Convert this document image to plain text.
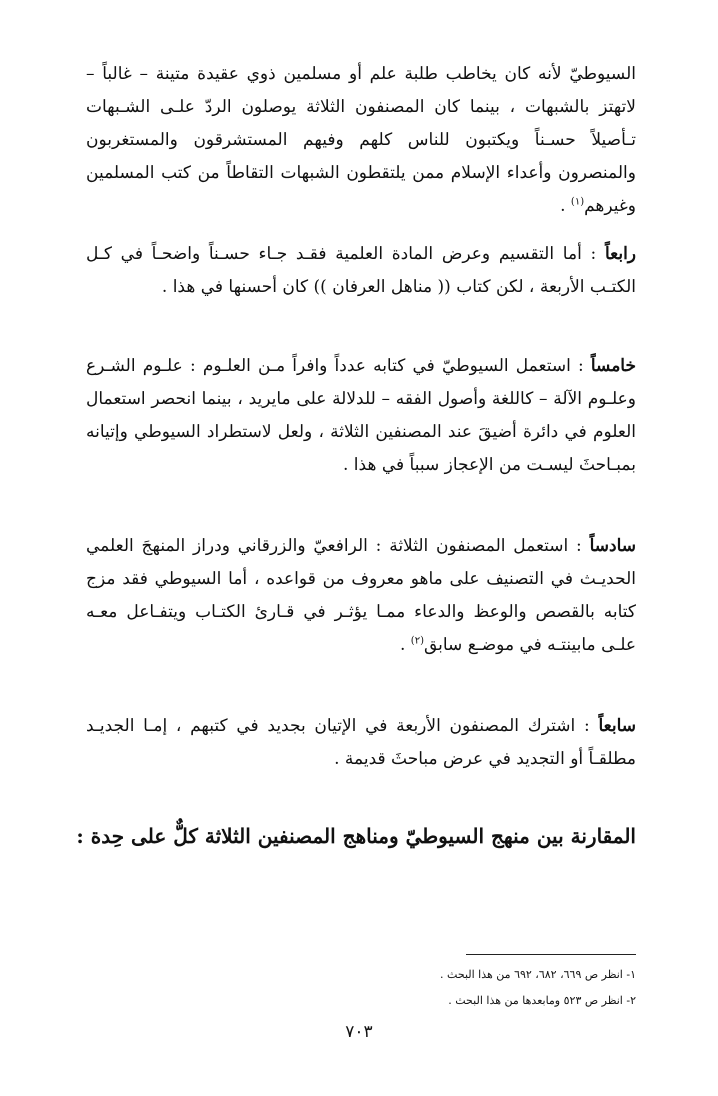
السيوطيّ لأنه كان يخاطب طلبة علم أو مسلمين ذوي عقيدة متينة – غالباً – لاتهتز بالشبهات ، بينما كان المصنفون الثلاثة يوصلون الردّ علـى الشـبهات تـأصيلاً حسـناً ويكتبون للناس كلهم وفيهم المستشرقون والمستغربون والمنصرون وأعداء الإسلام ممن يلتقطون الشبهات التقاطاً من كتب المسلمين وغيرهم$^{(١)}$ .

رابعاً : أما التقسيم وعرض المادة العلمية فقـد جـاء حسـناً واضحـاً في كـل الكتـب الأربعة ، لكن كتاب (( مناهل العرفان )) كان أحسنها في هذا .

خامساً : استعمل السيوطيّ في كتابه عدداً وافراً مـن العلـوم : علـوم الشـرع وعلـوم الآلة – كاللغة وأصول الفقه – للدلالة على مايريد ، بينما انحصر استعمال العلوم في دائرة أضيقَ عند المصنفين الثلاثة ، ولعل لاستطراد السيوطي وإتيانه بمبـاحثَ ليسـت من الإعجاز سبباً في هذا .

سادساً : استعمل المصنفون الثلاثة : الرافعيّ والزرقاني ودراز المنهجَ العلمي الحديـث في التصنيف على ماهو معروف من قواعده ، أما السيوطي فقد مزج كتابه بالقصص والوعظ والدعاء ممـا يؤثـر في قـارئ الكتـاب ويتفـاعل معـه علـى مابينتـه في موضـع سابق$^{(٢)}$ .

سابعاً : اشترك المصنفون الأربعة في الإتيان بجديد في كتبهم ، إمـا الجديـد مطلقـاً أو التجديد في عرض مباحثَ قديمة .

المقارنة بين منهج السيوطيّ ومناهج المصنفين الثلاثة كلٌّ على حِدة :
١- انظر ص ٦٦٩، ٦٨٢، ٦٩٢ من هذا البحث .
٢- انظر ص ٥٢٣ ومابعدها من هذا البحث .
٧٠٣
